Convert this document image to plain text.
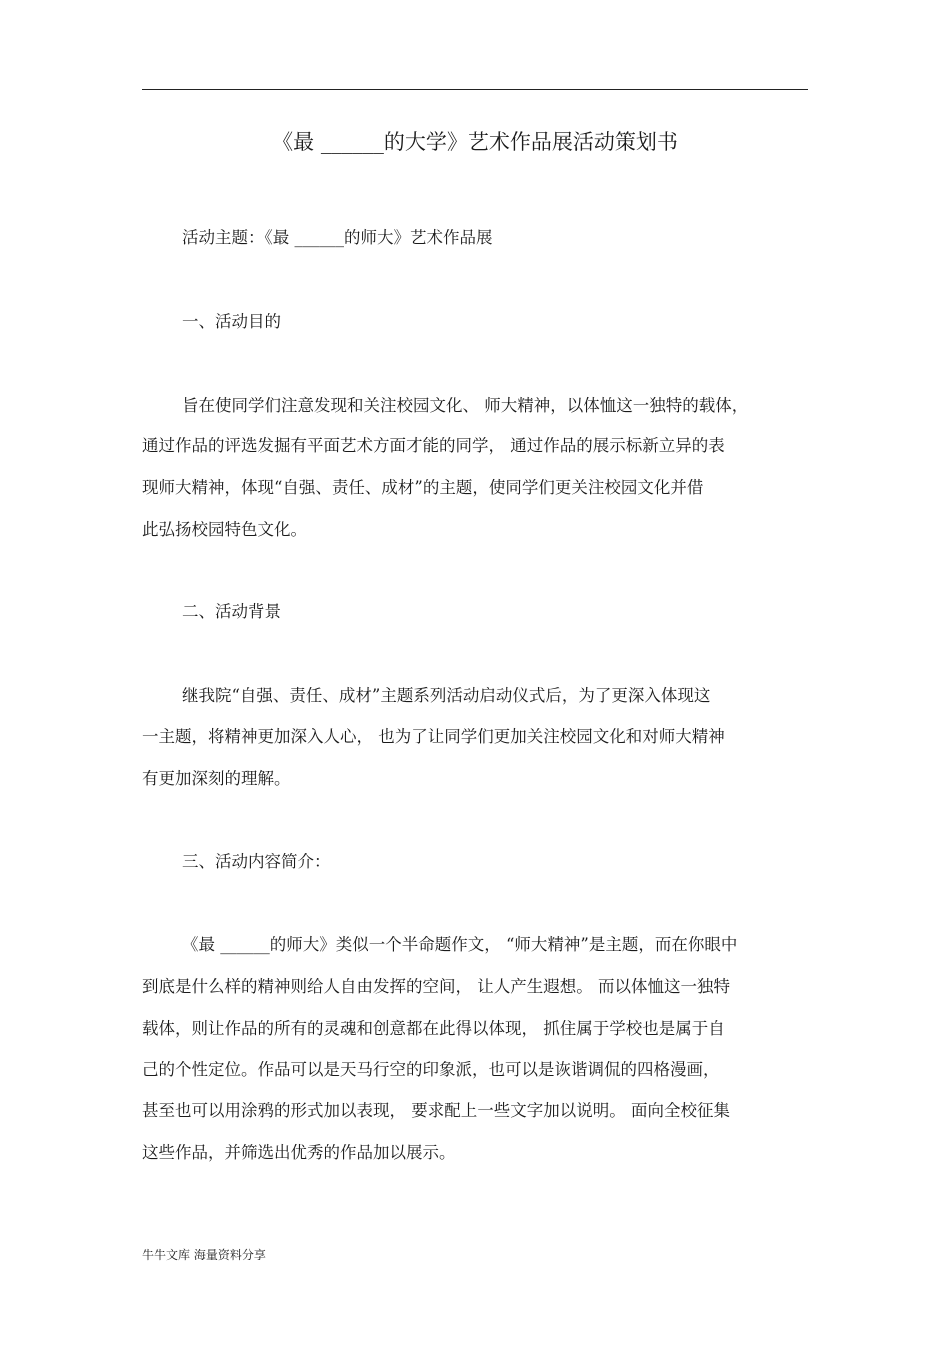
《最 ______的大学》艺术作品展活动策划书
活动主题：《最 ______的师大》艺术作品展
一、活动目的
旨在使同学们注意发现和关注校园文化、 师大精神，以体恤这一独特的载体，
通过作品的评选发掘有平面艺术方面才能的同学， 通过作品的展示标新立异的表
现师大精神，体现“自强、责任、成材”的主题，使同学们更关注校园文化并借
此弘扬校园特色文化。
二、活动背景
继我院“自强、责任、成材”主题系列活动启动仪式后，为了更深入体现这
一主题，将精神更加深入人心， 也为了让同学们更加关注校园文化和对师大精神
有更加深刻的理解。
三、活动内容简介：
《最 ______的师大》类似一个半命题作文， “师大精神”是主题，而在你眼中
到底是什么样的精神则给人自由发挥的空间， 让人产生遐想。 而以体恤这一独特
载体，则让作品的所有的灵魂和创意都在此得以体现， 抓住属于学校也是属于自
己的个性定位。作品可以是天马行空的印象派，也可以是诙谐调侃的四格漫画，
甚至也可以用涂鸦的形式加以表现， 要求配上一些文字加以说明。 面向全校征集
这些作品，并筛选出优秀的作品加以展示。
牛牛文库 海量资料分享
